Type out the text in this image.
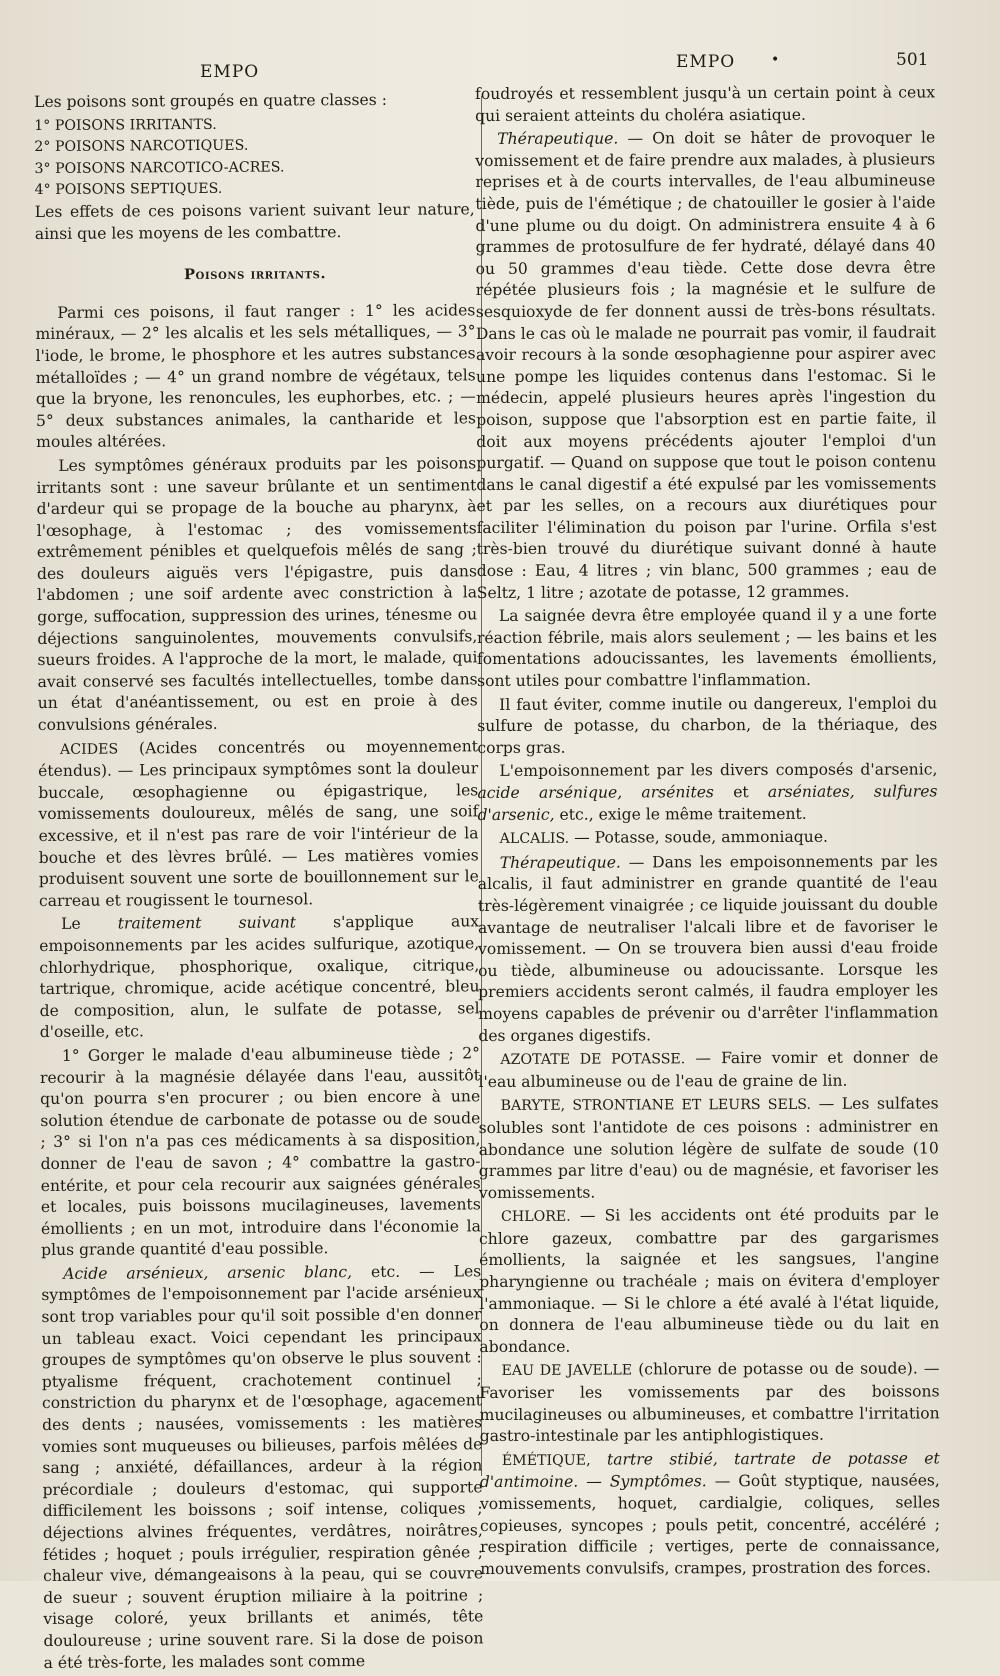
EMPO	EMPO	•	501

Les poisons sont groupés en quatre classes :

1° POISONS IRRITANTS.

2° POISONS NARCOTIQUES.

3° POISONS NARCOTICO-ACRES.

4° POISONS SEPTIQUES.

Les effets de ces poisons varient suivant leur nature, ainsi que les moyens de les combattre.

Poisons irritants.

Parmi ces poisons, il faut ranger : 1° les acides minéraux, — 2° les alcalis et les sels métalliques, — 3° l'iode, le brome, le phosphore et les autres substances métalloïdes ; — 4° un grand nombre de végétaux, tels que la bryone, les renoncules, les euphorbes, etc. ; — 5° deux substances animales, la cantharide et les moules altérées.

Les symptômes généraux produits par les poisons irritants sont : une saveur brûlante et un sentiment d'ardeur qui se propage de la bouche au pharynx, à l'œsophage, à l'estomac ; des vomissements extrêmement pénibles et quelquefois mêlés de sang ; des douleurs aiguës vers l'épigastre, puis dans l'abdomen ; une soif ardente avec constriction à la gorge, suffocation, suppression des urines, ténesme ou déjections sanguinolentes, mouvements convulsifs, sueurs froides. A l'approche de la mort, le malade, qui avait conservé ses facultés intellectuelles, tombe dans un état d'anéantissement, ou est en proie à des convulsions générales.

ACIDES (Acides concentrés ou moyennement étendus). — Les principaux symptômes sont la douleur buccale, œsophagienne ou épigastrique, les vomissements douloureux, mêlés de sang, une soif excessive, et il n'est pas rare de voir l'intérieur de la bouche et des lèvres brûlé. — Les matières vomies produisent souvent une sorte de bouillonnement sur le carreau et rougissent le tournesol.

Le traitement suivant s'applique aux empoisonnements par les acides sulfurique, azotique, chlorhydrique, phosphorique, oxalique, citrique, tartrique, chromique, acide acétique concentré, bleu de composition, alun, le sulfate de potasse, sel d'oseille, etc.

1° Gorger le malade d'eau albumineuse tiède ; 2° recourir à la magnésie délayée dans l'eau, aussitôt qu'on pourra s'en procurer ; ou bien encore à une solution étendue de carbonate de potasse ou de soude ; 3° si l'on n'a pas ces médicaments à sa disposition, donner de l'eau de savon ; 4° combattre la gastro-entérite, et pour cela recourir aux saignées générales et locales, puis boissons mucilagineuses, lavements émollients ; en un mot, introduire dans l'économie la plus grande quantité d'eau possible.

Acide arsénieux, arsenic blanc, etc. — Les symptômes de l'empoisonnement par l'acide arsénieux sont trop variables pour qu'il soit possible d'en donner un tableau exact. Voici cependant les principaux groupes de symptômes qu'on observe le plus souvent : ptyalisme fréquent, crachotement continuel ; constriction du pharynx et de l'œsophage, agacement des dents ; nausées, vomissements : les matières vomies sont muqueuses ou bilieuses, parfois mêlées de sang ; anxiété, défaillances, ardeur à la région précordiale ; douleurs d'estomac, qui supporte difficilement les boissons ; soif intense, coliques ; déjections alvines fréquentes, verdâtres, noirâtres, fétides ; hoquet ; pouls irrégulier, respiration gênée ; chaleur vive, démangeaisons à la peau, qui se couvre de sueur ; souvent éruption miliaire à la poitrine ; visage coloré, yeux brillants et animés, tête douloureuse ; urine souvent rare. Si la dose de poison a été très-forte, les malades sont comme

foudroyés et ressemblent jusqu'à un certain point à ceux qui seraient atteints du choléra asiatique.

Thérapeutique. — On doit se hâter de provoquer le vomissement et de faire prendre aux malades, à plusieurs reprises et à de courts intervalles, de l'eau albumineuse tiède, puis de l'émétique ; de chatouiller le gosier à l'aide d'une plume ou du doigt. On administrera ensuite 4 à 6 grammes de protosulfure de fer hydraté, délayé dans 40 ou 50 grammes d'eau tiède. Cette dose devra être répétée plusieurs fois ; la magnésie et le sulfure de sesquioxyde de fer donnent aussi de très-bons résultats. Dans le cas où le malade ne pourrait pas vomir, il faudrait avoir recours à la sonde œsophagienne pour aspirer avec une pompe les liquides contenus dans l'estomac. Si le médecin, appelé plusieurs heures après l'ingestion du poison, suppose que l'absorption est en partie faite, il doit aux moyens précédents ajouter l'emploi d'un purgatif. — Quand on suppose que tout le poison contenu dans le canal digestif a été expulsé par les vomissements et par les selles, on a recours aux diurétiques pour faciliter l'élimination du poison par l'urine. Orfila s'est très-bien trouvé du diurétique suivant donné à haute dose : Eau, 4 litres ; vin blanc, 500 grammes ; eau de Seltz, 1 litre ; azotate de potasse, 12 grammes.

La saignée devra être employée quand il y a une forte réaction fébrile, mais alors seulement ; — les bains et les fomentations adoucissantes, les lavements émollients, sont utiles pour combattre l'inflammation.

Il faut éviter, comme inutile ou dangereux, l'emploi du sulfure de potasse, du charbon, de la thériaque, des corps gras.

L'empoisonnement par les divers composés d'arsenic, acide arsénique, arsénites et arséniates, sulfures d'arsenic, etc., exige le même traitement.

ALCALIS. — Potasse, soude, ammoniaque.

Thérapeutique. — Dans les empoisonnements par les alcalis, il faut administrer en grande quantité de l'eau très-légèrement vinaigrée ; ce liquide jouissant du double avantage de neutraliser l'alcali libre et de favoriser le vomissement. — On se trouvera bien aussi d'eau froide ou tiède, albumineuse ou adoucissante. Lorsque les premiers accidents seront calmés, il faudra employer les moyens capables de prévenir ou d'arrêter l'inflammation des organes digestifs.

AZOTATE DE POTASSE. — Faire vomir et donner de l'eau albumineuse ou de l'eau de graine de lin.

BARYTE, STRONTIANE ET LEURS SELS. — Les sulfates solubles sont l'antidote de ces poisons : administrer en abondance une solution légère de sulfate de soude (10 grammes par litre d'eau) ou de magnésie, et favoriser les vomissements.

CHLORE. — Si les accidents ont été produits par le chlore gazeux, combattre par des gargarismes émollients, la saignée et les sangsues, l'angine pharyngienne ou trachéale ; mais on évitera d'employer l'ammoniaque. — Si le chlore a été avalé à l'état liquide, on donnera de l'eau albumineuse tiède ou du lait en abondance.

EAU DE JAVELLE (chlorure de potasse ou de soude). — Favoriser les vomissements par des boissons mucilagineuses ou albumineuses, et combattre l'irritation gastro-intestinale par les antiphlogistiques.

ÉMÉTIQUE, tartre stibié, tartrate de potasse et d'antimoine. — Symptômes. — Goût styptique, nausées, vomissements, hoquet, cardialgie, coliques, selles copieuses, syncopes ; pouls petit, concentré, accéléré ; respiration difficile ; vertiges, perte de connaissance, mouvements convulsifs, crampes, prostration des forces.
